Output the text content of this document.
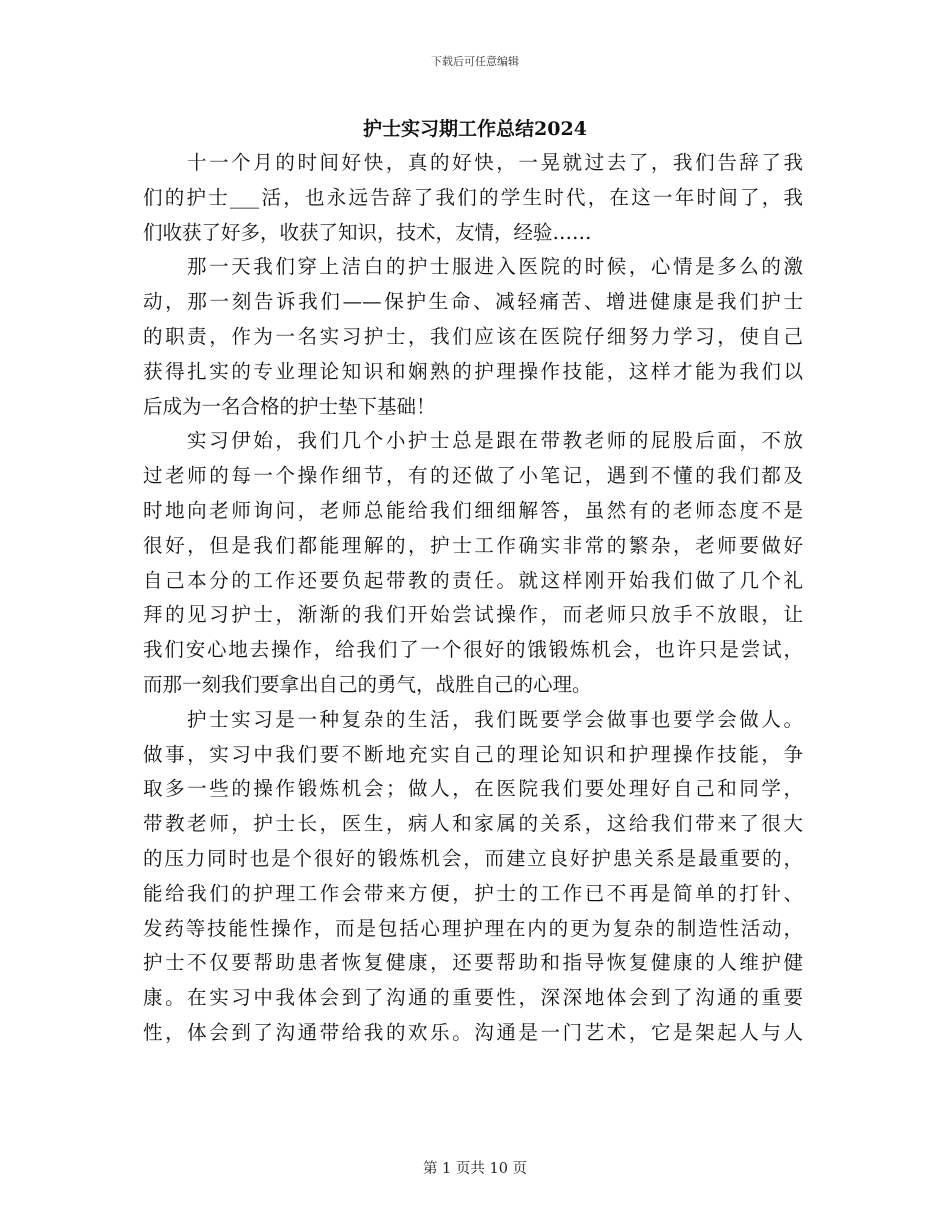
下载后可任意编辑
护士实习期工作总结2024
十一个月的时间好快，真的好快，一晃就过去了，我们告辞了我
们的护士___活，也永远告辞了我们的学生时代，在这一年时间了，我
们收获了好多，收获了知识，技术，友情，经验……
那一天我们穿上洁白的护士服进入医院的时候，心情是多么的激
动，那一刻告诉我们——保护生命、减轻痛苦、增进健康是我们护士
的职责，作为一名实习护士，我们应该在医院仔细努力学习，使自己
获得扎实的专业理论知识和娴熟的护理操作技能，这样才能为我们以
后成为一名合格的护士垫下基础！
实习伊始，我们几个小护士总是跟在带教老师的屁股后面，不放
过老师的每一个操作细节，有的还做了小笔记，遇到不懂的我们都及
时地向老师询问，老师总能给我们细细解答，虽然有的老师态度不是
很好，但是我们都能理解的，护士工作确实非常的繁杂，老师要做好
自己本分的工作还要负起带教的责任。就这样刚开始我们做了几个礼
拜的见习护士，渐渐的我们开始尝试操作，而老师只放手不放眼，让
我们安心地去操作，给我们了一个很好的饿锻炼机会，也许只是尝试，
而那一刻我们要拿出自己的勇气，战胜自己的心理。
护士实习是一种复杂的生活，我们既要学会做事也要学会做人。
做事，实习中我们要不断地充实自己的理论知识和护理操作技能，争
取多一些的操作锻炼机会；做人，在医院我们要处理好自己和同学，
带教老师，护士长，医生，病人和家属的关系，这给我们带来了很大
的压力同时也是个很好的锻炼机会，而建立良好护患关系是最重要的，
能给我们的护理工作会带来方便，护士的工作已不再是简单的打针、
发药等技能性操作，而是包括心理护理在内的更为复杂的制造性活动，
护士不仅要帮助患者恢复健康，还要帮助和指导恢复健康的人维护健
康。在实习中我体会到了沟通的重要性，深深地体会到了沟通的重要
性，体会到了沟通带给我的欢乐。沟通是一门艺术，它是架起人与人
第 1 页共 10 页
